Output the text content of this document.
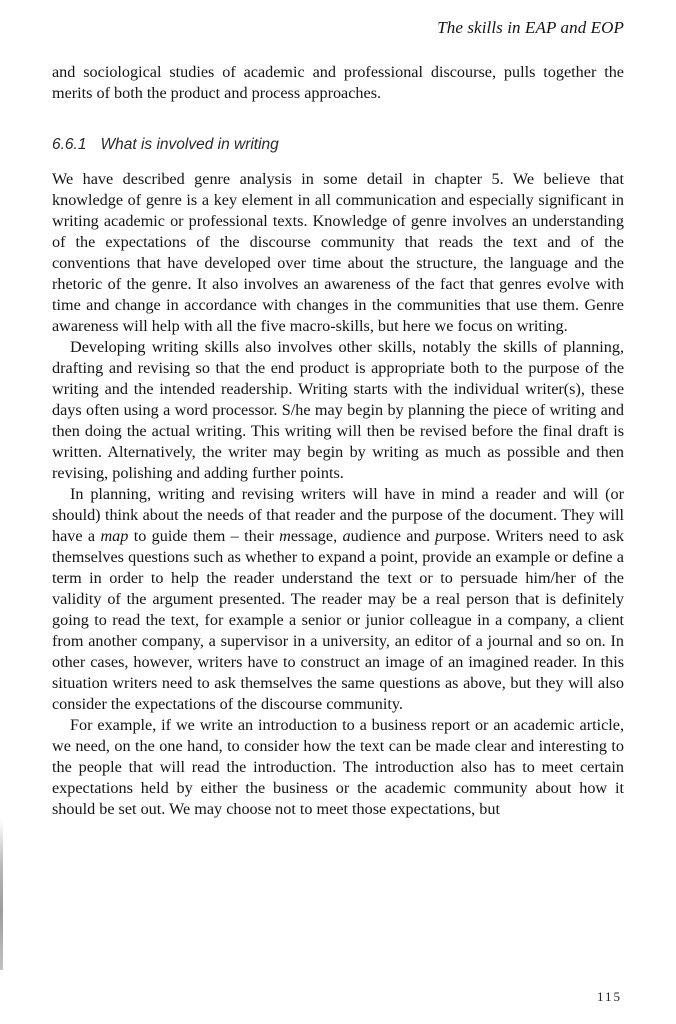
The skills in EAP and EOP
and sociological studies of academic and professional discourse, pulls together the merits of both the product and process approaches.
6.6.1 What is involved in writing

We have described genre analysis in some detail in chapter 5. We believe that knowledge of genre is a key element in all communication and especially significant in writing academic or professional texts. Knowledge of genre involves an understanding of the expectations of the discourse community that reads the text and of the conventions that have developed over time about the structure, the language and the rhetoric of the genre. It also involves an awareness of the fact that genres evolve with time and change in accordance with changes in the communities that use them. Genre awareness will help with all the five macro-skills, but here we focus on writing.

Developing writing skills also involves other skills, notably the skills of planning, drafting and revising so that the end product is appropriate both to the purpose of the writing and the intended readership. Writing starts with the individual writer(s), these days often using a word processor. S/he may begin by planning the piece of writing and then doing the actual writing. This writing will then be revised before the final draft is written. Alternatively, the writer may begin by writing as much as possible and then revising, polishing and adding further points.

In planning, writing and revising writers will have in mind a reader and will (or should) think about the needs of that reader and the purpose of the document. They will have a map to guide them – their message, audience and purpose. Writers need to ask themselves questions such as whether to expand a point, provide an example or define a term in order to help the reader understand the text or to persuade him/her of the validity of the argument presented. The reader may be a real person that is definitely going to read the text, for example a senior or junior colleague in a company, a client from another company, a supervisor in a university, an editor of a journal and so on. In other cases, however, writers have to construct an image of an imagined reader. In this situation writers need to ask themselves the same questions as above, but they will also consider the expectations of the discourse community.

For example, if we write an introduction to a business report or an academic article, we need, on the one hand, to consider how the text can be made clear and interesting to the people that will read the introduction. The introduction also has to meet certain expectations held by either the business or the academic community about how it should be set out. We may choose not to meet those expectations, but

115
